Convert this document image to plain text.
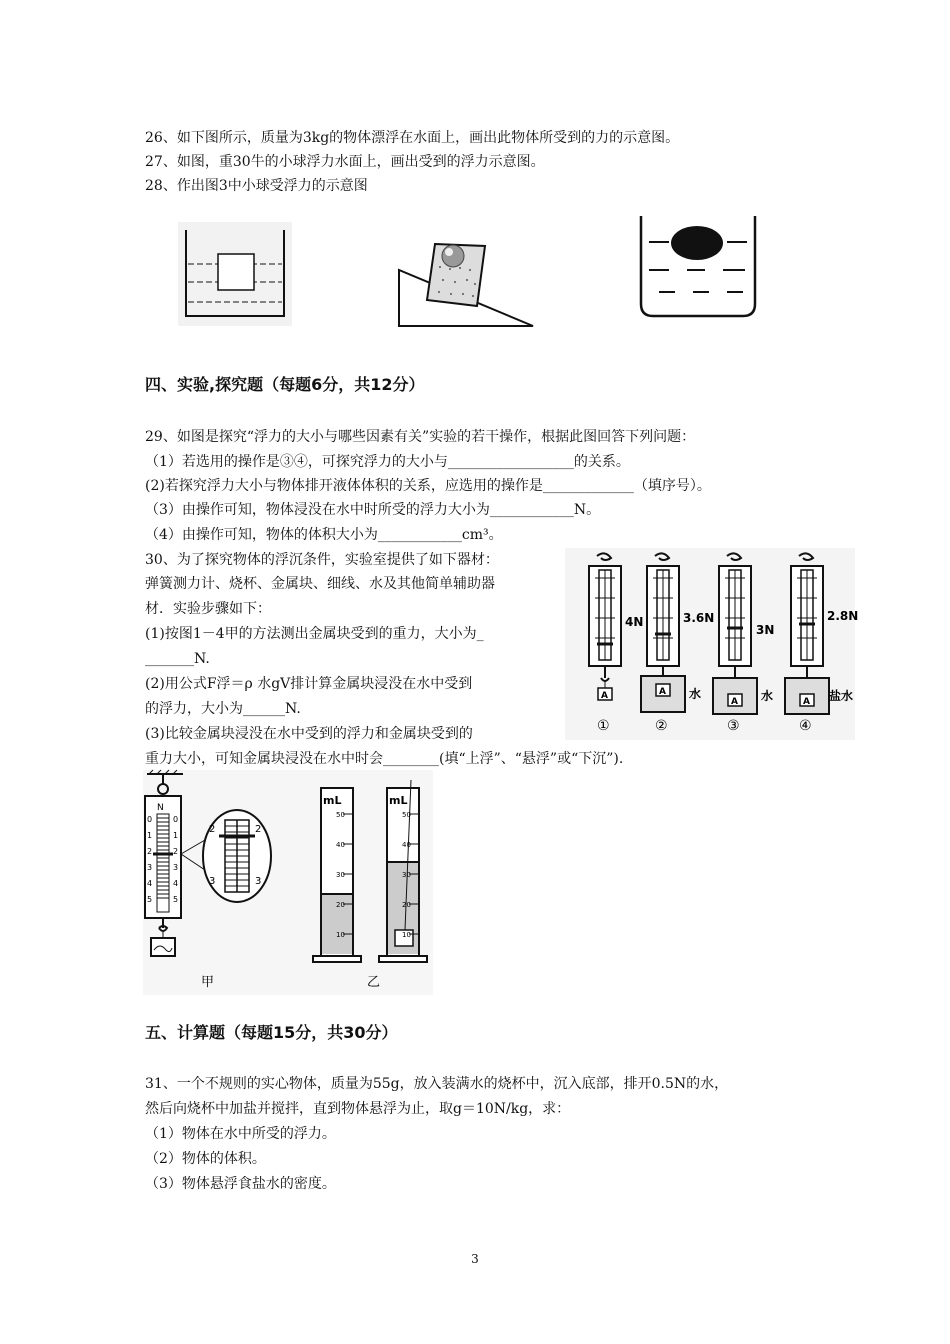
26、如下图所示，质量为3kg的物体漂浮在水面上，画出此物体所受到的力的示意图。
27、如图，重30牛的小球浮力水面上，画出受到的浮力示意图。
28、作出图3中小球受浮力的示意图
四、实验,探究题（每题6分，共12分）
29、如图是探究“浮力的大小与哪些因素有关”实验的若干操作，根据此图回答下列问题：
（1）若选用的操作是③④，可探究浮力的大小与__________________的关系。
(2)若探究浮力大小与物体排开液体体积的关系，应选用的操作是_____________（填序号）。
（3）由操作可知，物体浸没在水中时所受的浮力大小为____________N。
（4）由操作可知，物体的体积大小为____________cm³。
30、为了探究物体的浮沉条件，实验室提供了如下器材：
弹簧测力计、烧杯、金属块、细线、水及其他简单辅助器
材．实验步骤如下：
(1)按图1－4甲的方法测出金属块受到的重力，大小为_
_______N.
(2)用公式F浮＝ρ 水gV排计算金属块浸没在水中受到
的浮力，大小为______N.
(3)比较金属块浸没在水中受到的浮力和金属块受到的
重力大小，可知金属块浸没在水中时会________(填“上浮”、“悬浮”或“下沉”).
4N	3.6N
3N
2.8N
水	水	盐水
A	A
A	A
①	②	③	④
N
0
1
2
3
4
5
0
1
2
3
4
5
2	2
3	3
mL
50
40
30
20
10
mL
50
40
30
20
10
甲	乙
五、计算题（每题15分，共30分）
31、一个不规则的实心物体，质量为55g，放入装满水的烧杯中，沉入底部，排开0.5N的水，
然后向烧杯中加盐并搅拌，直到物体悬浮为止，取g＝10N/kg，求：
（1）物体在水中所受的浮力。
（2）物体的体积。
（3）物体悬浮食盐水的密度。
3
